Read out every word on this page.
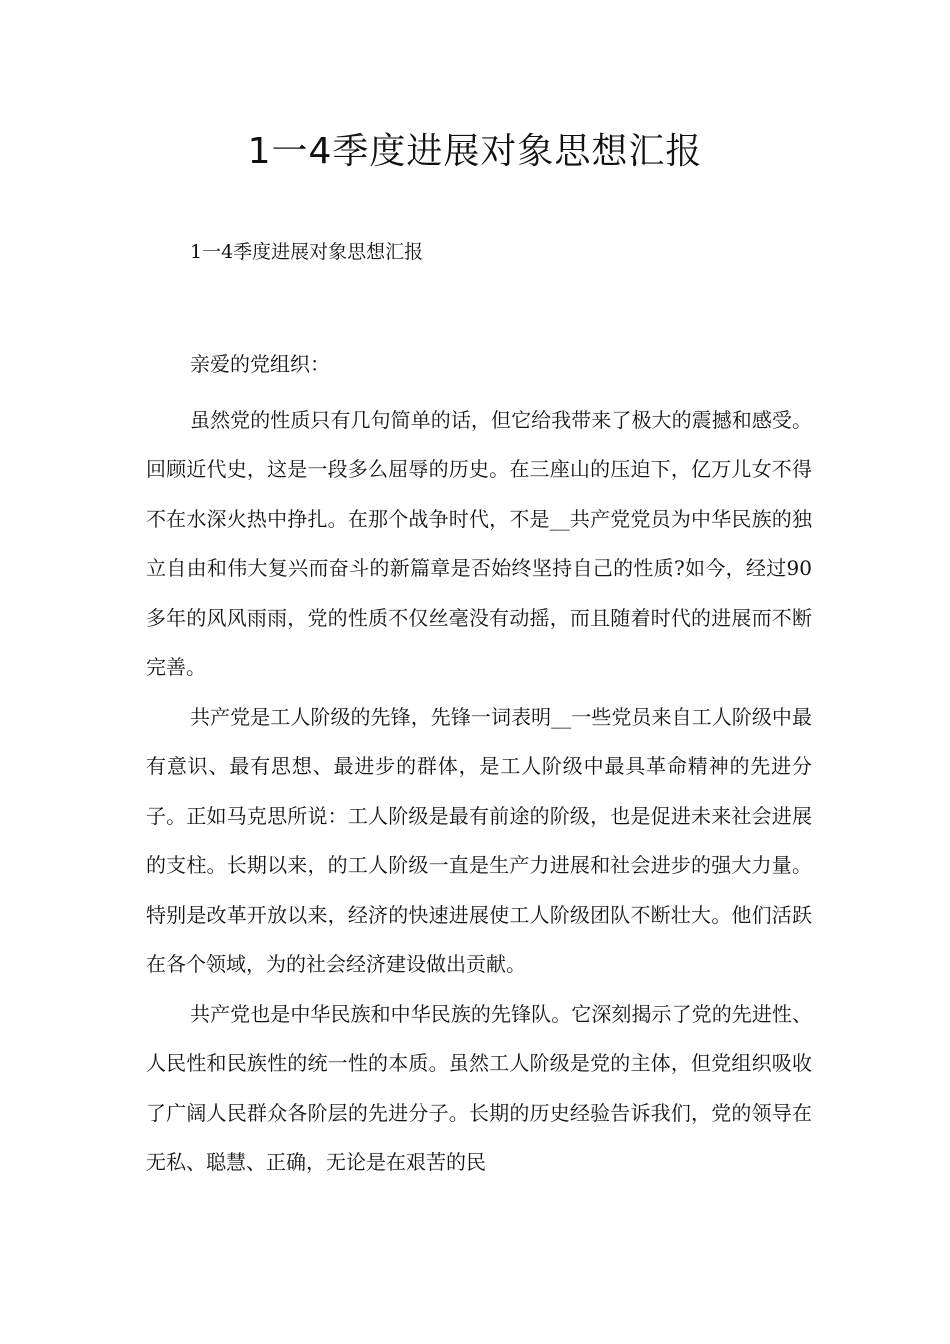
1一4季度进展对象思想汇报
1一4季度进展对象思想汇报

亲爱的党组织：

虽然党的性质只有几句简单的话，但它给我带来了极大的震撼和感受。回顾近代史，这是一段多么屈辱的历史。在三座山的压迫下，亿万儿女不得不在水深火热中挣扎。在那个战争时代，不是__共产党党员为中华民族的独立自由和伟大复兴而奋斗的新篇章是否始终坚持自己的性质?如今，经过90多年的风风雨雨，党的性质不仅丝毫没有动摇，而且随着时代的进展而不断完善。

共产党是工人阶级的先锋，先锋一词表明__一些党员来自工人阶级中最有意识、最有思想、最进步的群体，是工人阶级中最具革命精神的先进分子。正如马克思所说：工人阶级是最有前途的阶级，也是促进未来社会进展的支柱。长期以来，的工人阶级一直是生产力进展和社会进步的强大力量。特别是改革开放以来，经济的快速进展使工人阶级团队不断壮大。他们活跃在各个领域，为的社会经济建设做出贡献。

共产党也是中华民族和中华民族的先锋队。它深刻揭示了党的先进性、人民性和民族性的统一性的本质。虽然工人阶级是党的主体，但党组织吸收了广阔人民群众各阶层的先进分子。长期的历史经验告诉我们，党的领导在无私、聪慧、正确，无论是在艰苦的民
